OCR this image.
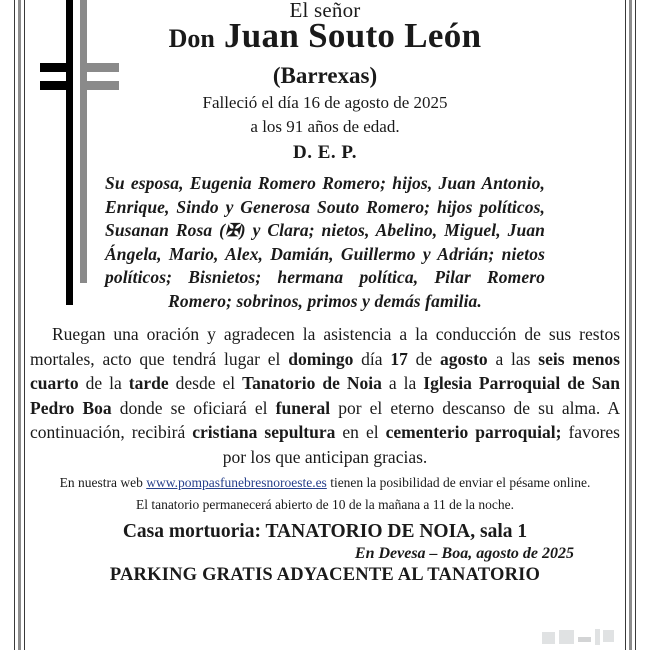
El señor

Don Juan Souto León

(Barrexas)

Falleció el día 16 de agosto de 2025

a los 91 años de edad.

D. E. P.

Su esposa, Eugenia Romero Romero; hijos, Juan Antonio, Enrique, Sindo y Generosa Souto Romero; hijos políticos, Susanan Rosa (✠) y Clara; nietos, Abelino, Miguel, Juan Ángela, Mario, Alex, Damián, Guillermo y Adrián; nietos políticos; Bisnietos; hermana política, Pilar Romero Romero; sobrinos, primos y demás familia.

Ruegan una oración y agradecen la asistencia a la conducción de sus restos mortales, acto que tendrá lugar el domingo día 17 de agosto a las seis menos cuarto de la tarde desde el Tanatorio de Noia a la Iglesia Parroquial de San Pedro Boa donde se oficiará el funeral por el eterno descanso de su alma. A continuación, recibirá cristiana sepultura en el cementerio parroquial; favores por los que anticipan gracias.

En nuestra web www.pompasfunebresnoroeste.es tienen la posibilidad de enviar el pésame online.

El tanatorio permanecerá abierto de 10 de la mañana a 11 de la noche.

Casa mortuoria: TANATORIO DE NOIA, sala 1

En Devesa – Boa, agosto de 2025

PARKING GRATIS ADYACENTE AL TANATORIO
